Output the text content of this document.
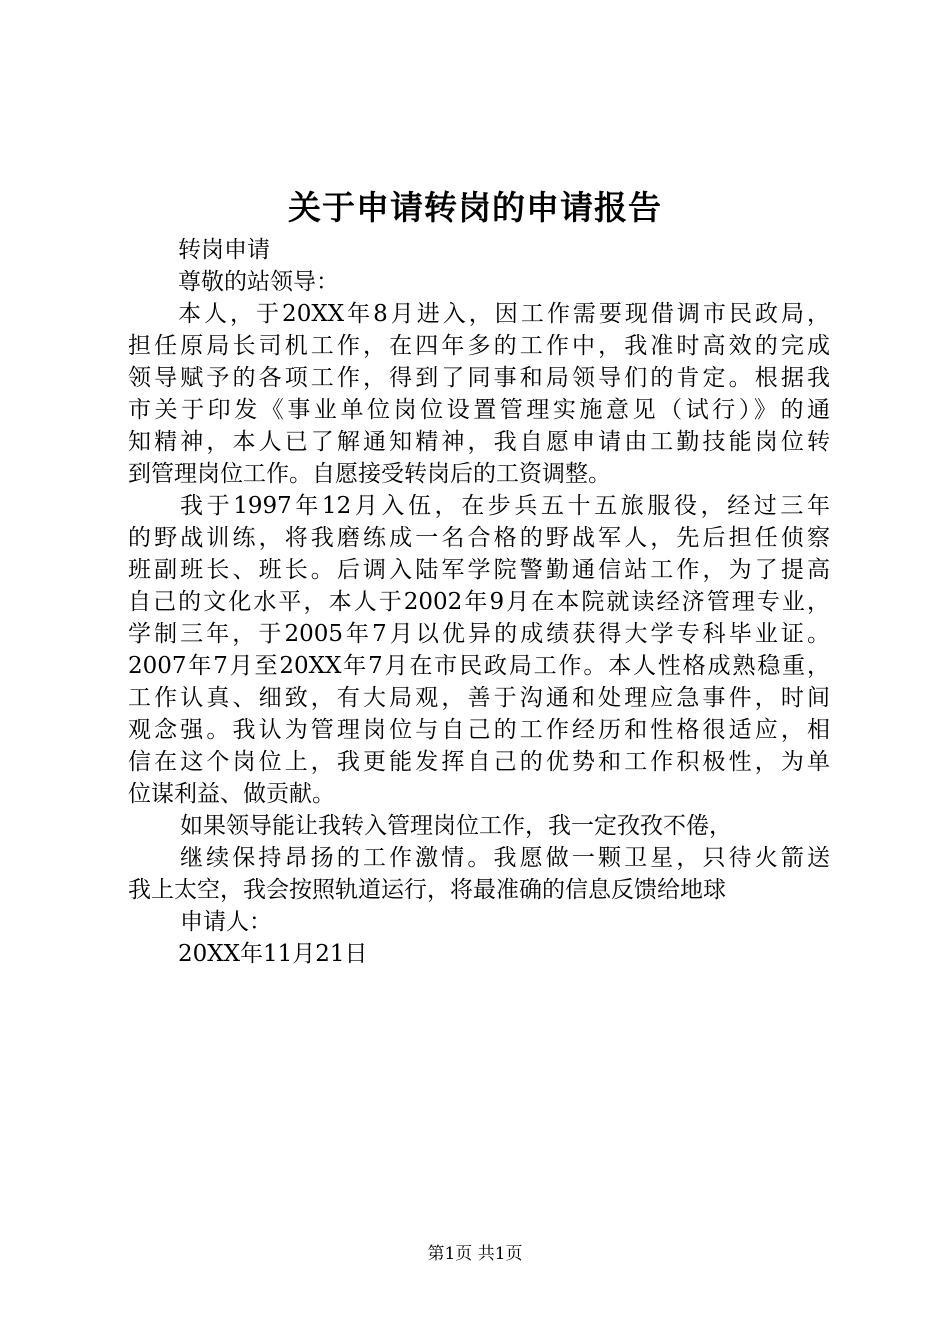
关于申请转岗的申请报告
转岗申请
尊敬的站领导：
本人，于20XX年8月进入，因工作需要现借调市民政局，
担任原局长司机工作，在四年多的工作中，我准时高效的完成
领导赋予的各项工作，得到了同事和局领导们的肯定。根据我
市关于印发《事业单位岗位设置管理实施意见（试行）》的通
知精神，本人已了解通知精神，我自愿申请由工勤技能岗位转
到管理岗位工作。自愿接受转岗后的工资调整。
我于1997年12月入伍，在步兵五十五旅服役，经过三年
的野战训练，将我磨练成一名合格的野战军人，先后担任侦察
班副班长、班长。后调入陆军学院警勤通信站工作，为了提高
自己的文化水平，本人于2002年9月在本院就读经济管理专业，
学制三年，于2005年7月以优异的成绩获得大学专科毕业证。
2007年7月至20XX年7月在市民政局工作。本人性格成熟稳重，
工作认真、细致，有大局观，善于沟通和处理应急事件，时间
观念强。我认为管理岗位与自己的工作经历和性格很适应，相
信在这个岗位上，我更能发挥自己的优势和工作积极性，为单
位谋利益、做贡献。
如果领导能让我转入管理岗位工作，我一定孜孜不倦，
继续保持昂扬的工作激情。我愿做一颗卫星，只待火箭送
我上太空，我会按照轨道运行，将最准确的信息反馈给地球
申请人：
20XX年11月21日
第1页 共1页
